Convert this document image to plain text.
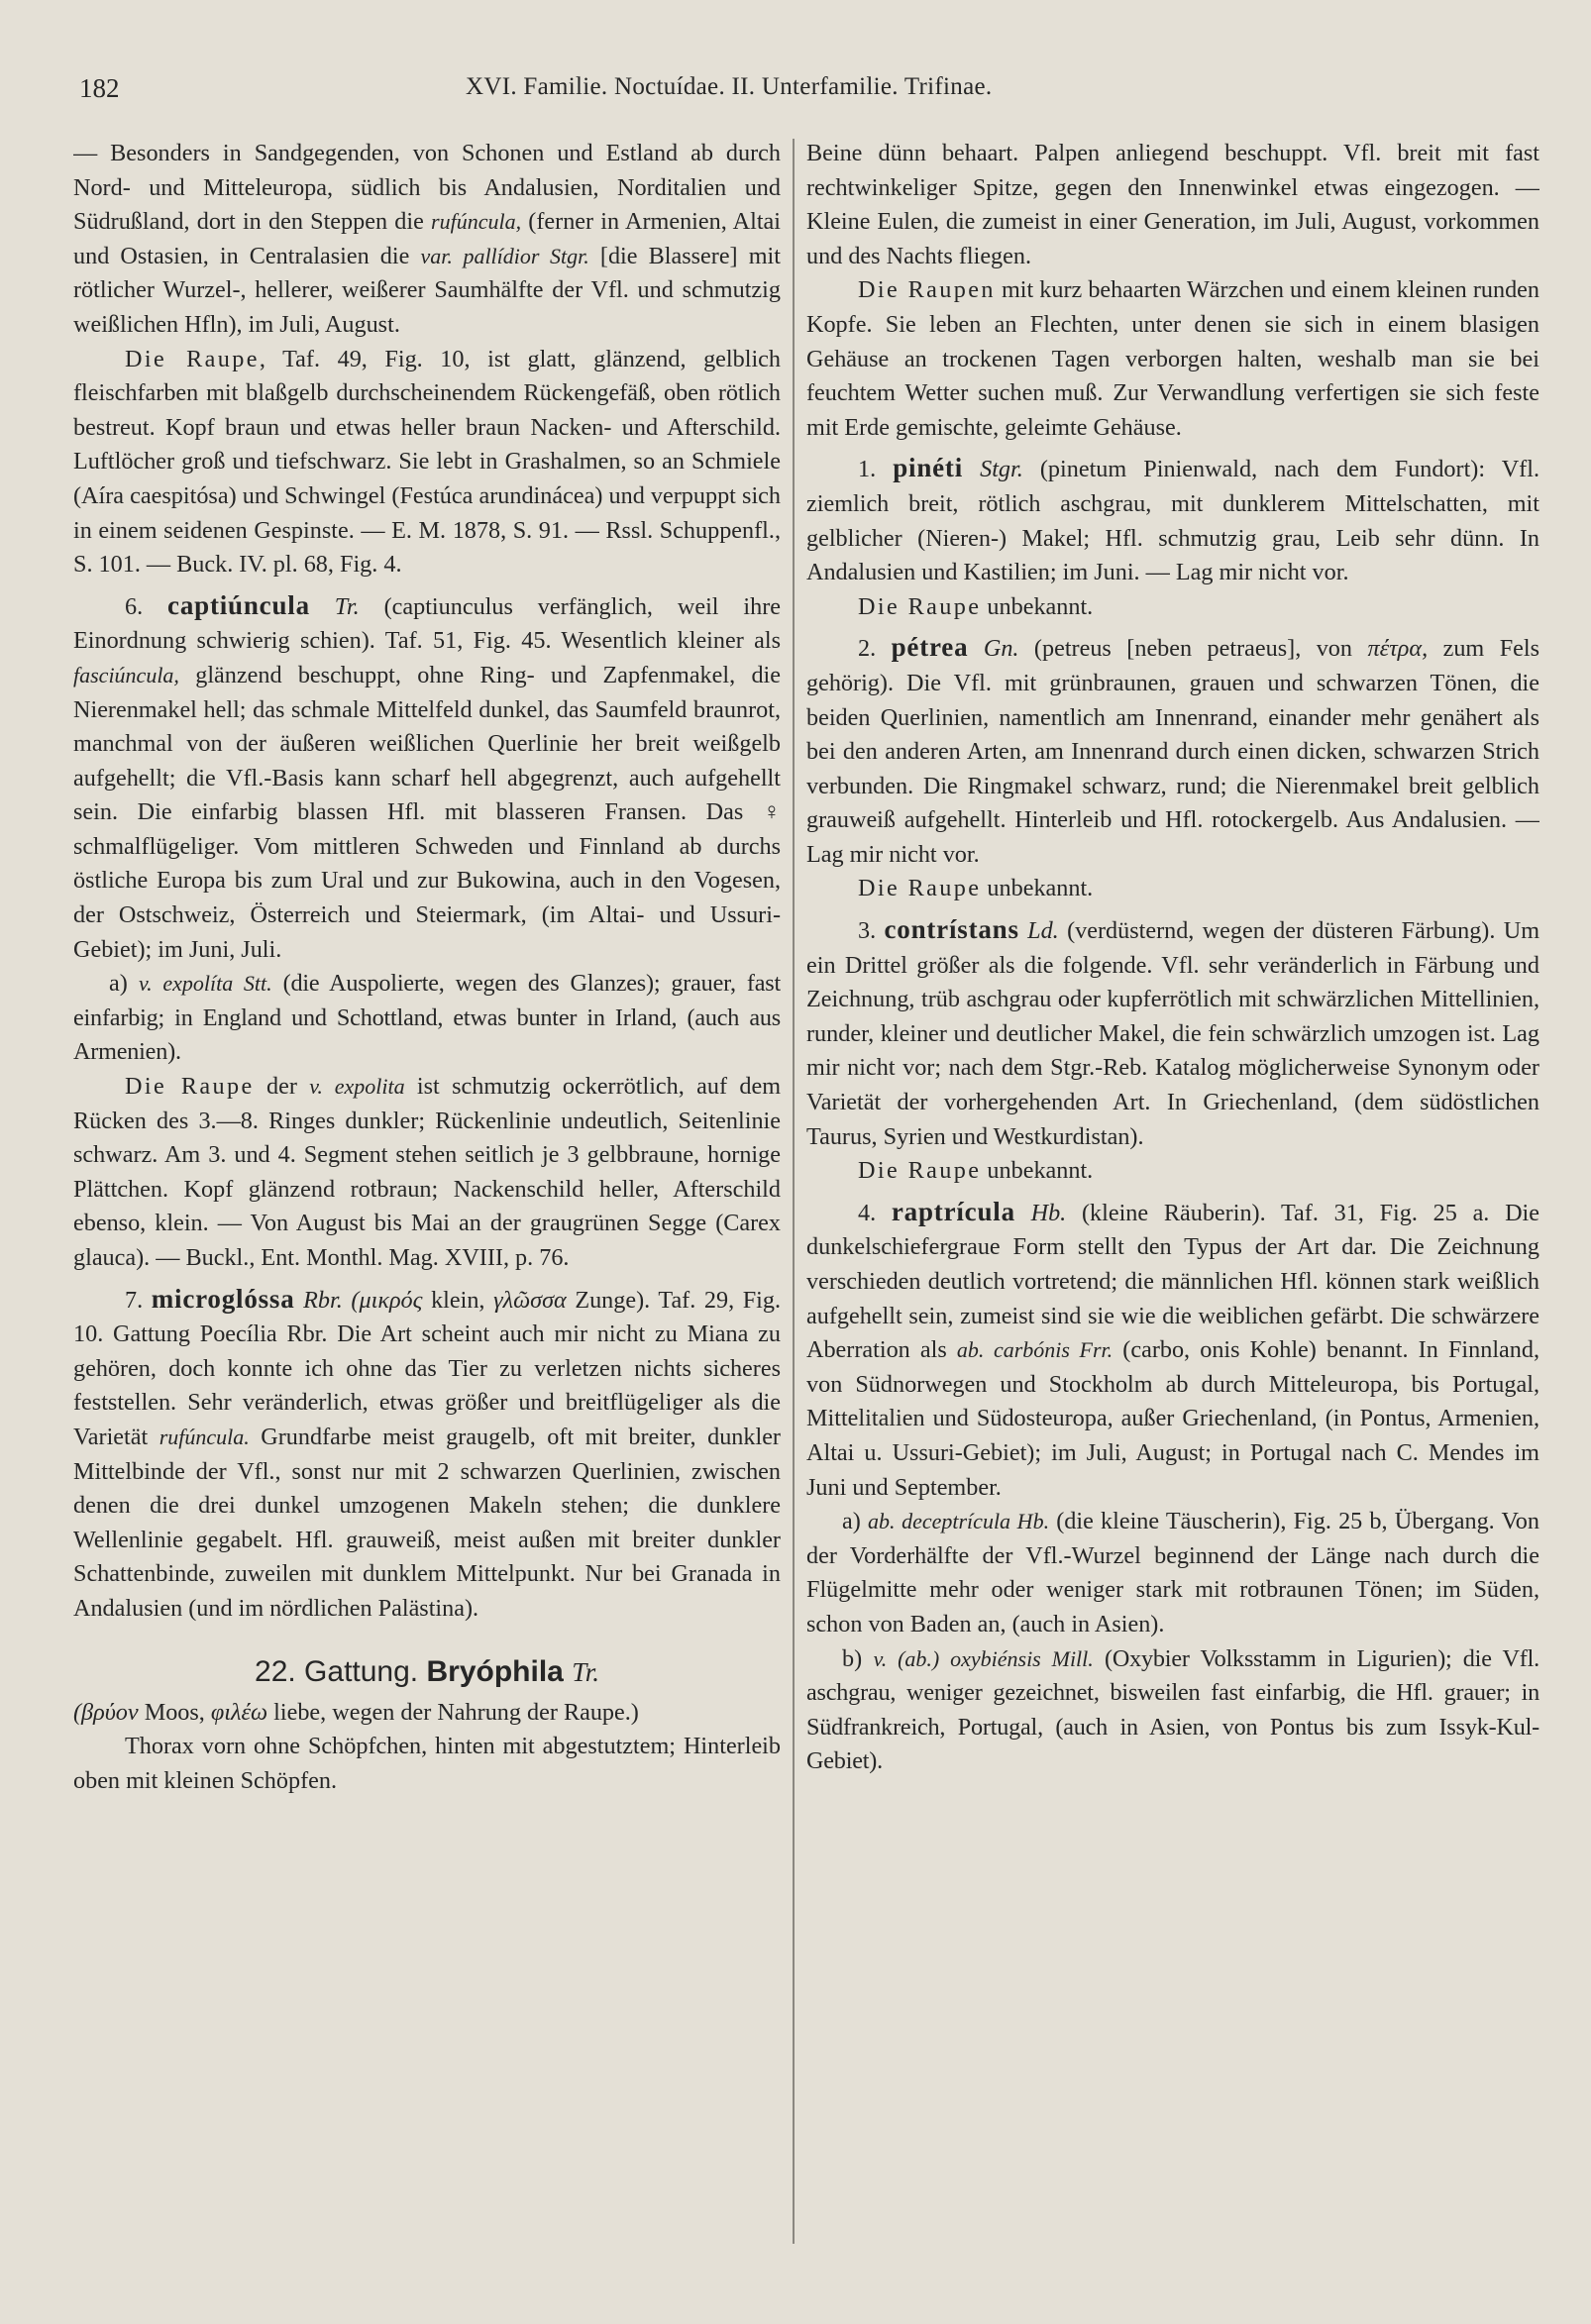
182	XVI. Familie. Noctuídae. II. Unterfamilie. Trifinae.

— Besonders in Sandgegenden, von Schonen und Estland ab durch Nord- und Mitteleuropa, südlich bis Andalusien, Norditalien und Südrußland, dort in den Steppen die rufúncula, (ferner in Armenien, Altai und Ostasien, in Centralasien die var. pallídior Stgr. [die Blassere] mit rötlicher Wurzel-, hellerer, weißerer Saumhälfte der Vfl. und schmutzig weißlichen Hfln), im Juli, August.

Die Raupe, Taf. 49, Fig. 10, ist glatt, glänzend, gelblich fleischfarben mit blaßgelb durchscheinendem Rückengefäß, oben rötlich bestreut. Kopf braun und etwas heller braun Nacken- und Afterschild. Luftlöcher groß und tiefschwarz. Sie lebt in Grashalmen, so an Schmiele (Aíra caespitósa) und Schwingel (Festúca arundinácea) und verpuppt sich in einem seidenen Gespinste. — E. M. 1878, S. 91. — Rssl. Schuppenfl., S. 101. — Buck. IV. pl. 68, Fig. 4.

6. captiúncula Tr. (captiunculus verfänglich, weil ihre Einordnung schwierig schien). Taf. 51, Fig. 45. Wesentlich kleiner als fasciúncula, glänzend beschuppt, ohne Ring- und Zapfenmakel, die Nierenmakel hell; das schmale Mittelfeld dunkel, das Saumfeld braunrot, manchmal von der äußeren weißlichen Querlinie her breit weißgelb aufgehellt; die Vfl.-Basis kann scharf hell abgegrenzt, auch aufgehellt sein. Die einfarbig blassen Hfl. mit blasseren Fransen. Das ♀ schmalflügeliger. Vom mittleren Schweden und Finnland ab durchs östliche Europa bis zum Ural und zur Bukowina, auch in den Vogesen, der Ostschweiz, Österreich und Steiermark, (im Altai- und Ussuri-Gebiet); im Juni, Juli.

a) v. expolíta Stt. (die Auspolierte, wegen des Glanzes); grauer, fast einfarbig; in England und Schottland, etwas bunter in Irland, (auch aus Armenien).

Die Raupe der v. expolita ist schmutzig ockerrötlich, auf dem Rücken des 3.—8. Ringes dunkler; Rückenlinie undeutlich, Seitenlinie schwarz. Am 3. und 4. Segment stehen seitlich je 3 gelbbraune, hornige Plättchen. Kopf glänzend rotbraun; Nackenschild heller, Afterschild ebenso, klein. — Von August bis Mai an der graugrünen Segge (Carex glauca). — Buckl., Ent. Monthl. Mag. XVIII, p. 76.

7. microglóssa Rbr. (μικρός klein, γλῶσσα Zunge). Taf. 29, Fig. 10. Gattung Poecília Rbr. Die Art scheint auch mir nicht zu Miana zu gehören, doch konnte ich ohne das Tier zu verletzen nichts sicheres feststellen. Sehr veränderlich, etwas größer und breitflügeliger als die Varietät rufúncula. Grundfarbe meist graugelb, oft mit breiter, dunkler Mittelbinde der Vfl., sonst nur mit 2 schwarzen Querlinien, zwischen denen die drei dunkel umzogenen Makeln stehen; die dunklere Wellenlinie gegabelt. Hfl. grauweiß, meist außen mit breiter dunkler Schattenbinde, zuweilen mit dunklem Mittelpunkt. Nur bei Granada in Andalusien (und im nördlichen Palästina).

22. Gattung. Bryóphila Tr.

(βρύον Moos, φιλέω liebe, wegen der Nahrung der Raupe.)

Thorax vorn ohne Schöpfchen, hinten mit abgestutztem; Hinterleib oben mit kleinen Schöpfen.

Beine dünn behaart. Palpen anliegend beschuppt. Vfl. breit mit fast rechtwinkeliger Spitze, gegen den Innenwinkel etwas eingezogen. — Kleine Eulen, die zumeist in einer Generation, im Juli, August, vorkommen und des Nachts fliegen.

Die Raupen mit kurz behaarten Wärzchen und einem kleinen runden Kopfe. Sie leben an Flechten, unter denen sie sich in einem blasigen Gehäuse an trockenen Tagen verborgen halten, weshalb man sie bei feuchtem Wetter suchen muß. Zur Verwandlung verfertigen sie sich feste mit Erde gemischte, geleimte Gehäuse.

1. pinéti Stgr. (pinetum Pinienwald, nach dem Fundort): Vfl. ziemlich breit, rötlich aschgrau, mit dunklerem Mittelschatten, mit gelblicher (Nieren-) Makel; Hfl. schmutzig grau, Leib sehr dünn. In Andalusien und Kastilien; im Juni. — Lag mir nicht vor.

Die Raupe unbekannt.

2. pétrea Gn. (petreus [neben petraeus], von πέτρα, zum Fels gehörig). Die Vfl. mit grünbraunen, grauen und schwarzen Tönen, die beiden Querlinien, namentlich am Innenrand, einander mehr genähert als bei den anderen Arten, am Innenrand durch einen dicken, schwarzen Strich verbunden. Die Ringmakel schwarz, rund; die Nierenmakel breit gelblich grauweiß aufgehellt. Hinterleib und Hfl. rotockergelb. Aus Andalusien. — Lag mir nicht vor.

Die Raupe unbekannt.

3. contrístans Ld. (verdüsternd, wegen der düsteren Färbung). Um ein Drittel größer als die folgende. Vfl. sehr veränderlich in Färbung und Zeichnung, trüb aschgrau oder kupferrötlich mit schwärzlichen Mittellinien, runder, kleiner und deutlicher Makel, die fein schwärzlich umzogen ist. Lag mir nicht vor; nach dem Stgr.-Reb. Katalog möglicherweise Synonym oder Varietät der vorhergehenden Art. In Griechenland, (dem südöstlichen Taurus, Syrien und Westkurdistan).

Die Raupe unbekannt.

4. raptrícula Hb. (kleine Räuberin). Taf. 31, Fig. 25 a. Die dunkelschiefergraue Form stellt den Typus der Art dar. Die Zeichnung verschieden deutlich vortretend; die männlichen Hfl. können stark weißlich aufgehellt sein, zumeist sind sie wie die weiblichen gefärbt. Die schwärzere Aberration als ab. carbónis Frr. (carbo, onis Kohle) benannt. In Finnland, von Südnorwegen und Stockholm ab durch Mitteleuropa, bis Portugal, Mittelitalien und Südosteuropa, außer Griechenland, (in Pontus, Armenien, Altai u. Ussuri-Gebiet); im Juli, August; in Portugal nach C. Mendes im Juni und September.

a) ab. deceptrícula Hb. (die kleine Täuscherin), Fig. 25 b, Übergang. Von der Vorderhälfte der Vfl.-Wurzel beginnend der Länge nach durch die Flügelmitte mehr oder weniger stark mit rotbraunen Tönen; im Süden, schon von Baden an, (auch in Asien).

b) v. (ab.) oxybiénsis Mill. (Oxybier Volksstamm in Ligurien); die Vfl. aschgrau, weniger gezeichnet, bisweilen fast einfarbig, die Hfl. grauer; in Südfrankreich, Portugal, (auch in Asien, von Pontus bis zum Issyk-Kul-Gebiet).
